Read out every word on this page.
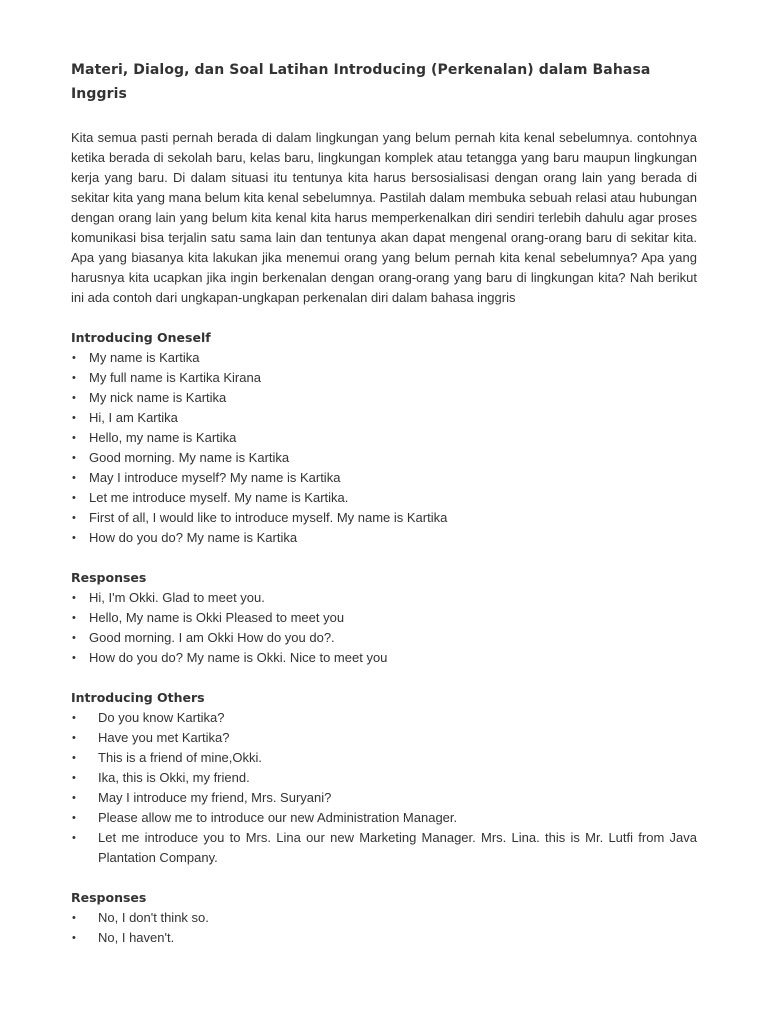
Materi, Dialog, dan Soal Latihan Introducing (Perkenalan) dalam Bahasa Inggris

Kita semua pasti pernah berada di dalam lingkungan yang belum pernah kita kenal sebelumnya. contohnya ketika berada di sekolah baru, kelas baru, lingkungan komplek atau tetangga yang baru maupun lingkungan kerja yang baru. Di dalam situasi itu tentunya kita harus bersosialisasi dengan orang lain yang berada di sekitar kita yang mana belum kita kenal sebelumnya. Pastilah dalam membuka sebuah relasi atau hubungan dengan orang lain yang belum kita kenal kita harus memperkenalkan diri sendiri terlebih dahulu agar proses komunikasi bisa terjalin satu sama lain dan tentunya akan dapat mengenal orang-orang baru di sekitar kita. Apa yang biasanya kita lakukan jika menemui orang yang belum pernah kita kenal sebelumnya? Apa yang harusnya kita ucapkan jika ingin berkenalan dengan orang-orang yang baru di lingkungan kita? Nah berikut ini ada contoh dari ungkapan-ungkapan perkenalan diri dalam bahasa inggris

Introducing Oneself
• My name is Kartika
• My full name is Kartika Kirana
• My nick name is Kartika
• Hi, I am Kartika
• Hello, my name is Kartika
• Good morning. My name is Kartika
• May I introduce myself? My name is Kartika
• Let me introduce myself. My name is Kartika.
• First of all, I would like to introduce myself. My name is Kartika
• How do you do? My name is Kartika
Responses
• Hi, I'm Okki. Glad to meet you.
• Hello, My name is Okki Pleased to meet you
• Good morning. I am Okki How do you do?.
• How do you do? My name is Okki. Nice to meet you
Introducing Others
• Do you know Kartika?
• Have you met Kartika?
• This is a friend of mine,Okki.
• Ika, this is Okki, my friend.
• May I introduce my friend, Mrs. Suryani?
• Please allow me to introduce our new Administration Manager.
• Let me introduce you to Mrs. Lina our new Marketing Manager. Mrs. Lina. this is Mr. Lutfi from Java Plantation Company.
Responses
• No, I don't think so.
• No, I haven't.
